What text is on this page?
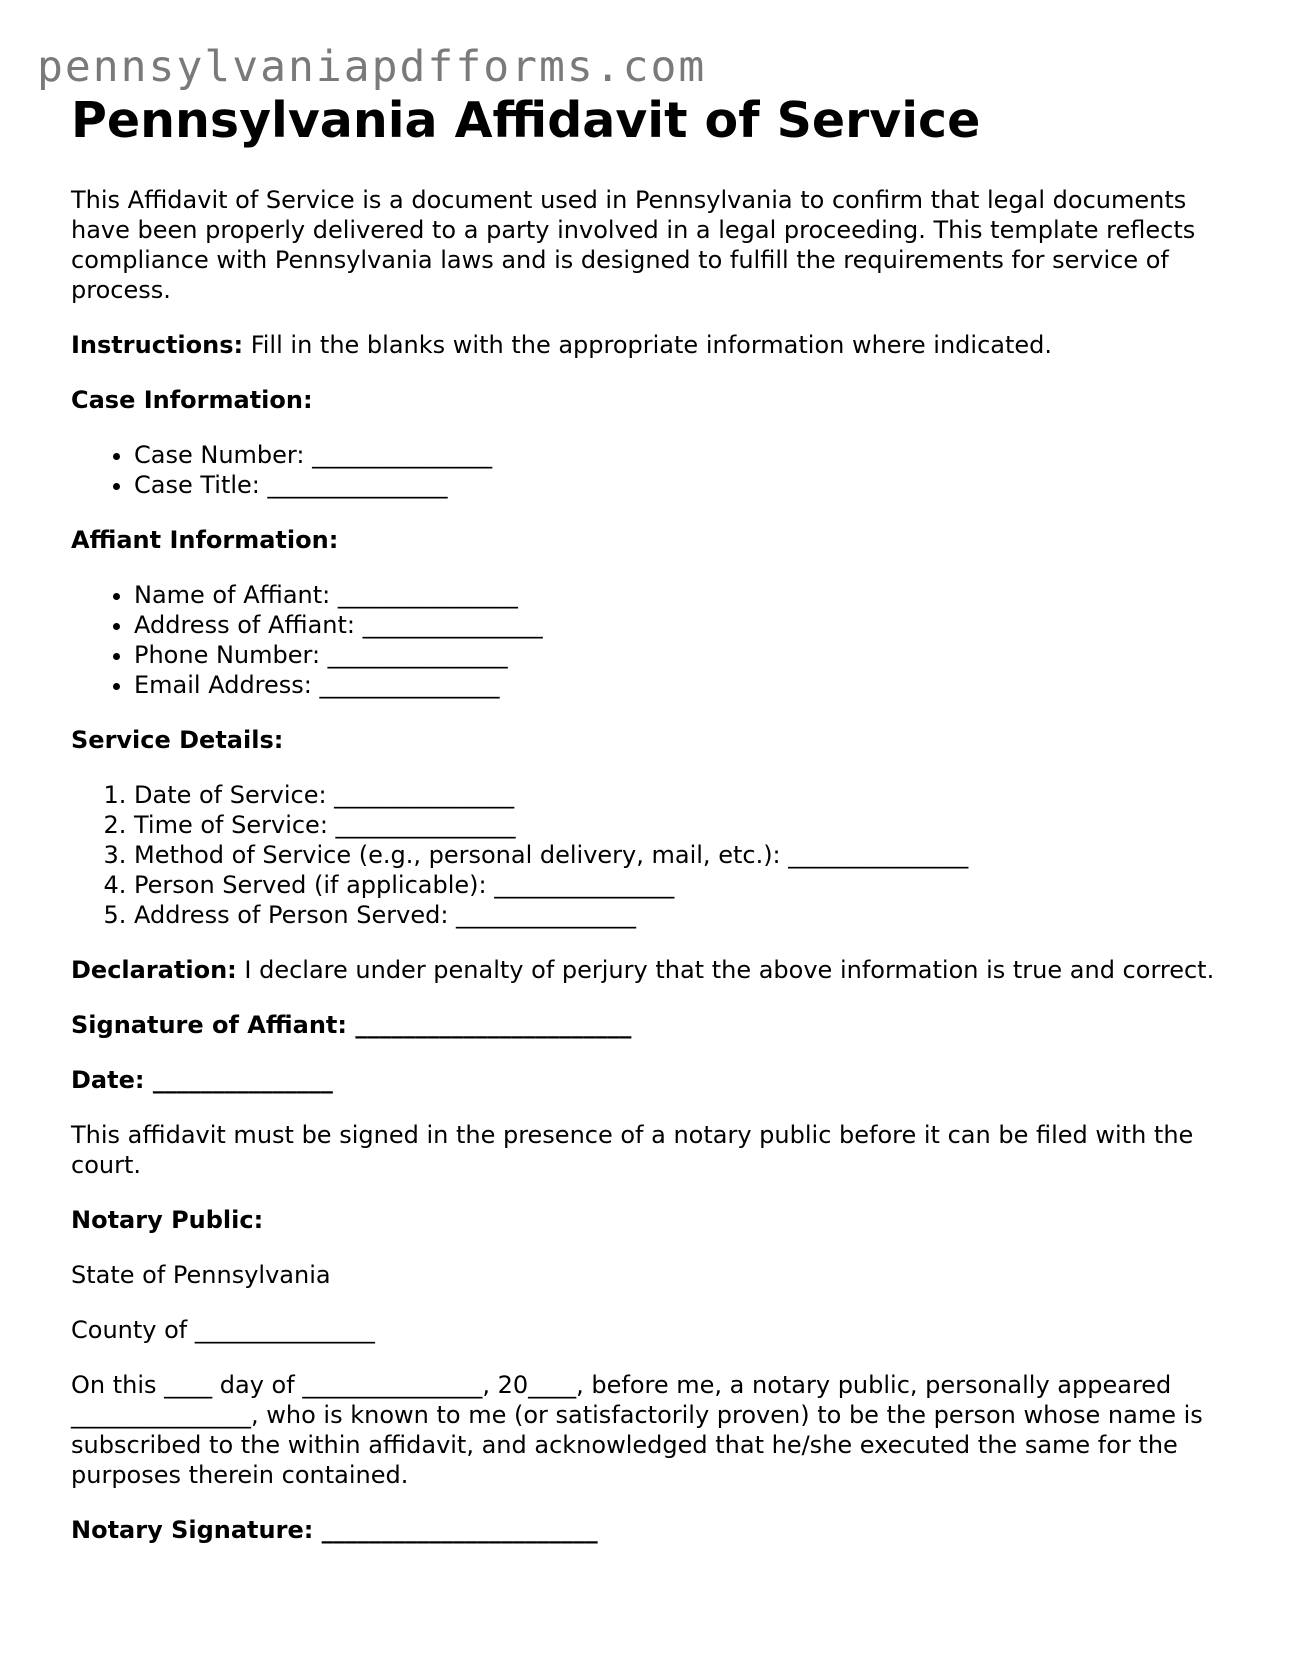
pennsylvaniapdfforms.com
Pennsylvania Affidavit of Service

This Affidavit of Service is a document used in Pennsylvania to confirm that legal documents have been properly delivered to a party involved in a legal proceeding. This template reflects compliance with Pennsylvania laws and is designed to fulfill the requirements for service of process.

Instructions: Fill in the blanks with the appropriate information where indicated.

Case Information:

• Case Number: _______________
• Case Title: _______________

Affiant Information:

• Name of Affiant: _______________
• Address of Affiant: _______________
• Phone Number: _______________
• Email Address: _______________

Service Details:

1. Date of Service: _______________
2. Time of Service: _______________
3. Method of Service (e.g., personal delivery, mail, etc.): _______________
4. Person Served (if applicable): _______________
5. Address of Person Served: _______________

Declaration: I declare under penalty of perjury that the above information is true and correct.

Signature of Affiant: _______________________

Date: _______________

This affidavit must be signed in the presence of a notary public before it can be filed with the court.

Notary Public:

State of Pennsylvania

County of _______________

On this ____ day of _______________, 20____, before me, a notary public, personally appeared _______________, who is known to me (or satisfactorily proven) to be the person whose name is subscribed to the within affidavit, and acknowledged that he/she executed the same for the purposes therein contained.

Notary Signature: _______________________
